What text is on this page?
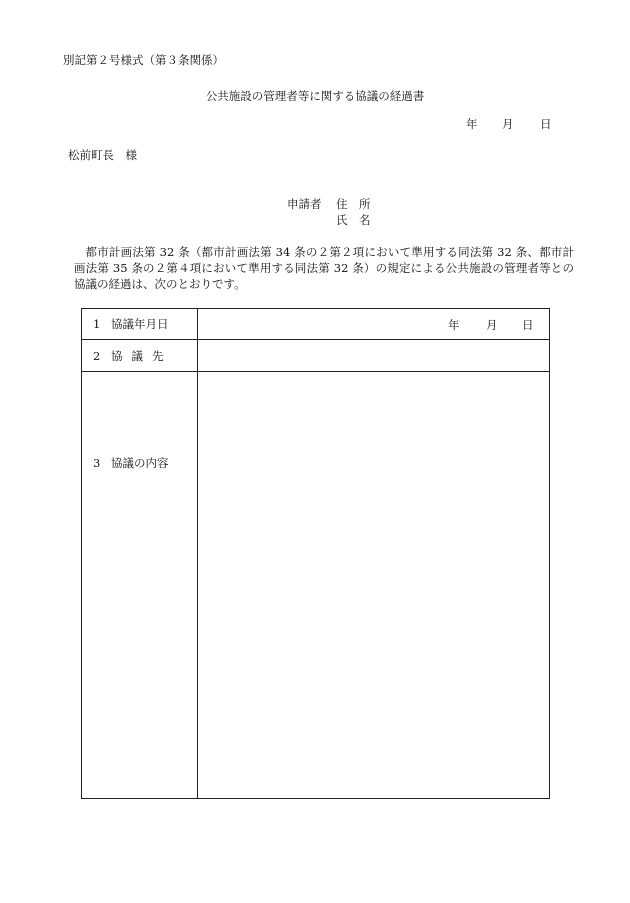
別記第２号様式（第３条関係）
公共施設の管理者等に関する協議の経過書
年 月 日
松前町長　様
申請者 住　所
氏　名
都市計画法第 32 条（都市計画法第 34 条の２第２項において準用する同法第 32 条、都市計画法第 35 条の２第４項において準用する同法第 32 条）の規定による公共施設の管理者等との協議の経過は、次のとおりです。
1 協議年月日	年 月 日

2 協議先	

3 協議の内容	
